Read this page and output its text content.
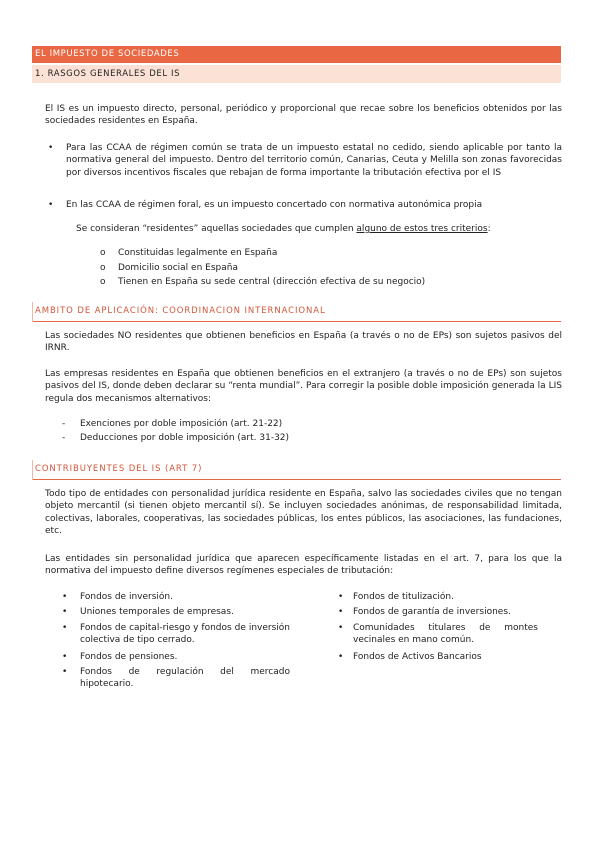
EL IMPUESTO DE SOCIEDADES
1. RASGOS GENERALES DEL IS

El IS es un impuesto directo, personal, periódico y proporcional que recae sobre los beneficios obtenidos por las sociedades residentes en España.

• Para las CCAA de régimen común se trata de un impuesto estatal no cedido, siendo aplicable por tanto la normativa general del impuesto. Dentro del territorio común, Canarias, Ceuta y Melilla son zonas favorecidas por diversos incentivos fiscales que rebajan de forma importante la tributación efectiva por el IS
• En las CCAA de régimen foral, es un impuesto concertado con normativa autonómica propia

Se consideran “residentes” aquellas sociedades que cumplen alguno de estos tres criterios:

o Constituidas legalmente en España
o Domicilio social en España
o Tienen en España su sede central (dirección efectiva de su negocio)
AMBITO DE APLICACIÓN: COORDINACION INTERNACIONAL

Las sociedades NO residentes que obtienen beneficios en España (a través o no de EPs) son sujetos pasivos del IRNR.

Las empresas residentes en España que obtienen beneficios en el extranjero (a través o no de EPs) son sujetos pasivos del IS, donde deben declarar su “renta mundial”. Para corregir la posible doble imposición generada la LIS regula dos mecanismos alternativos:

- Exenciones por doble imposición (art. 21-22)
- Deducciones por doble imposición (art. 31-32)
CONTRIBUYENTES DEL IS (ART 7)

Todo tipo de entidades con personalidad jurídica residente en España, salvo las sociedades civiles que no tengan objeto mercantil (si tienen objeto mercantil sí). Se incluyen sociedades anónimas, de responsabilidad limitada, colectivas, laborales, cooperativas, las sociedades públicas, los entes públicos, las asociaciones, las fundaciones, etc.

Las entidades sin personalidad jurídica que aparecen específicamente listadas en el art. 7, para los que la normativa del impuesto define diversos regímenes especiales de tributación:

• Fondos de inversión.
• Uniones temporales de empresas.
• Fondos de capital-riesgo y fondos de inversión colectiva de tipo cerrado.
• Fondos de pensiones.
• Fondos de regulación del mercado hipotecario.
• Fondos de titulización.
• Fondos de garantía de inversiones.
• Comunidades titulares de montes vecinales en mano común.
• Fondos de Activos Bancarios
